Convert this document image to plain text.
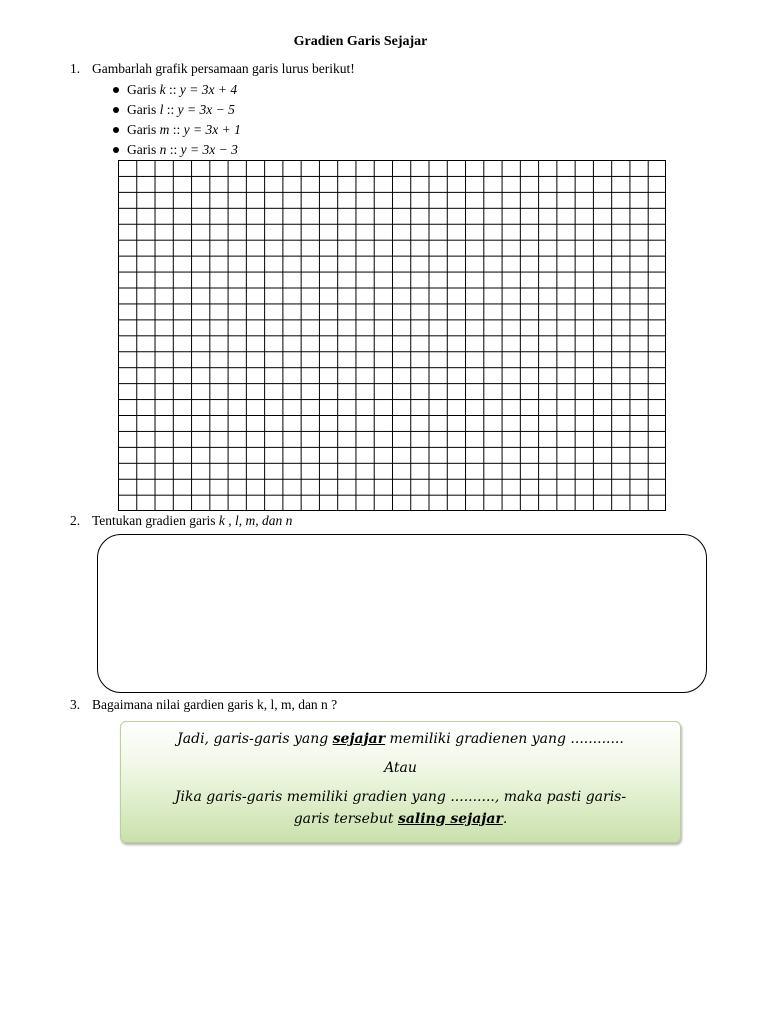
Gradien Garis Sejajar
1. Gambarlah grafik persamaan garis lurus berikut!
Garis k :: y = 3x + 4
Garis l :: y = 3x − 5
Garis m :: y = 3x + 1
Garis n :: y = 3x − 3
2. Tentukan gradien garis k , l, m, dan n
3. Bagaimana nilai gardien garis k, l, m, dan n ?
Jadi, garis-garis yang sejajar memiliki gradienen yang ............
Atau
Jika garis-garis memiliki gradien yang .........., maka pasti garis-
garis tersebut saling sejajar.
